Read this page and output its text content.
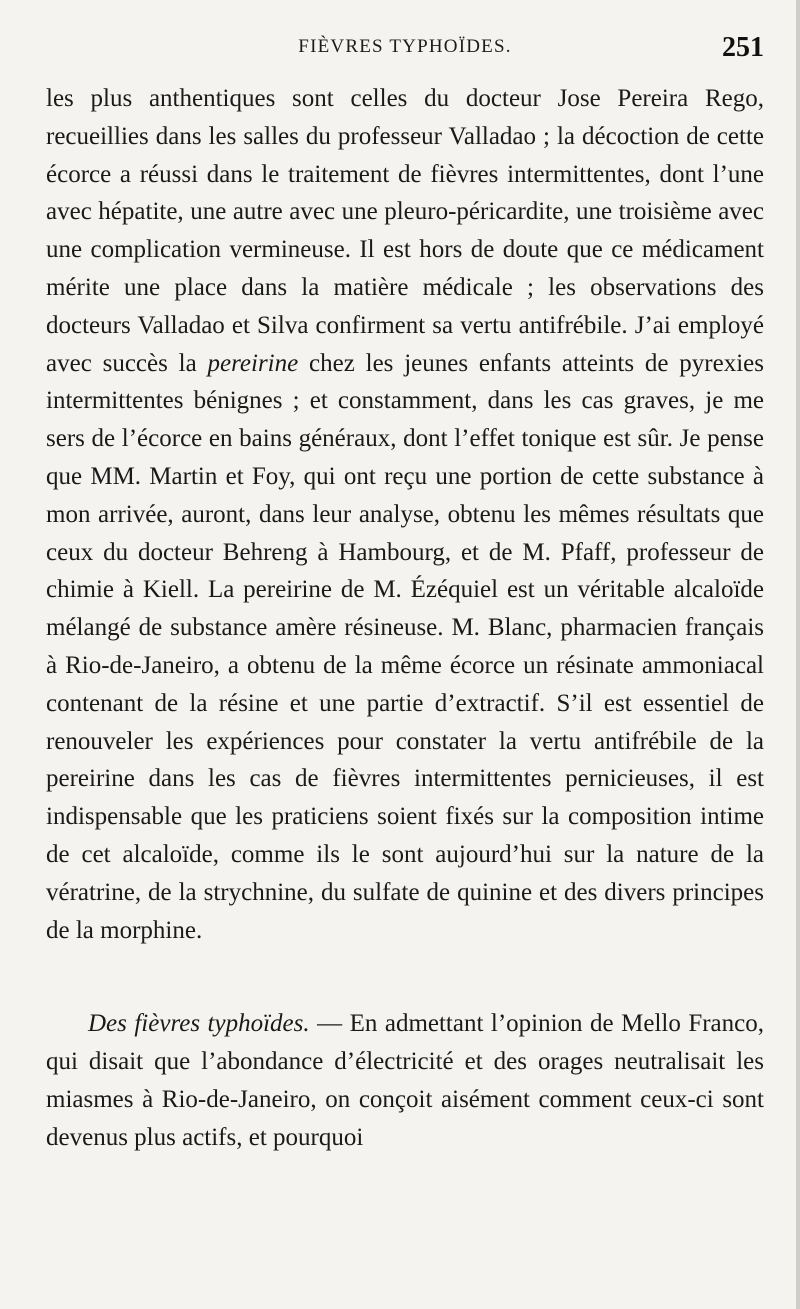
FIÈVRES TYPHOÏDES.	251

les plus anthentiques sont celles du docteur Jose Pereira Rego, recueillies dans les salles du professeur Valladao ; la décoction de cette écorce a réussi dans le traitement de fièvres intermittentes, dont l’une avec hépatite, une autre avec une pleuro-péricardite, une troisième avec une complication vermineuse. Il est hors de doute que ce médicament mérite une place dans la matière médicale ; les observations des docteurs Valladao et Silva confirment sa vertu antifrébile. J’ai employé avec succès la pereirine chez les jeunes enfants atteints de pyrexies intermittentes bénignes ; et constamment, dans les cas graves, je me sers de l’écorce en bains généraux, dont l’effet tonique est sûr. Je pense que MM. Martin et Foy, qui ont reçu une portion de cette substance à mon arrivée, auront, dans leur analyse, obtenu les mêmes résultats que ceux du docteur Behreng à Hambourg, et de M. Pfaff, professeur de chimie à Kiell. La pereirine de M. Ézéquiel est un véritable alcaloïde mélangé de substance amère résineuse. M. Blanc, pharmacien français à Rio-de-Janeiro, a obtenu de la même écorce un résinate ammoniacal contenant de la résine et une partie d’extractif. S’il est essentiel de renouveler les expériences pour constater la vertu antifrébile de la pereirine dans les cas de fièvres intermittentes pernicieuses, il est indispensable que les praticiens soient fixés sur la composition intime de cet alcaloïde, comme ils le sont aujourd’hui sur la nature de la vératrine, de la strychnine, du sulfate de quinine et des divers principes de la morphine.

Des fièvres typhoïdes. — En admettant l’opinion de Mello Franco, qui disait que l’abondance d’électricité et des orages neutralisait les miasmes à Rio-de-Janeiro, on conçoit aisément comment ceux-ci sont devenus plus actifs, et pourquoi
